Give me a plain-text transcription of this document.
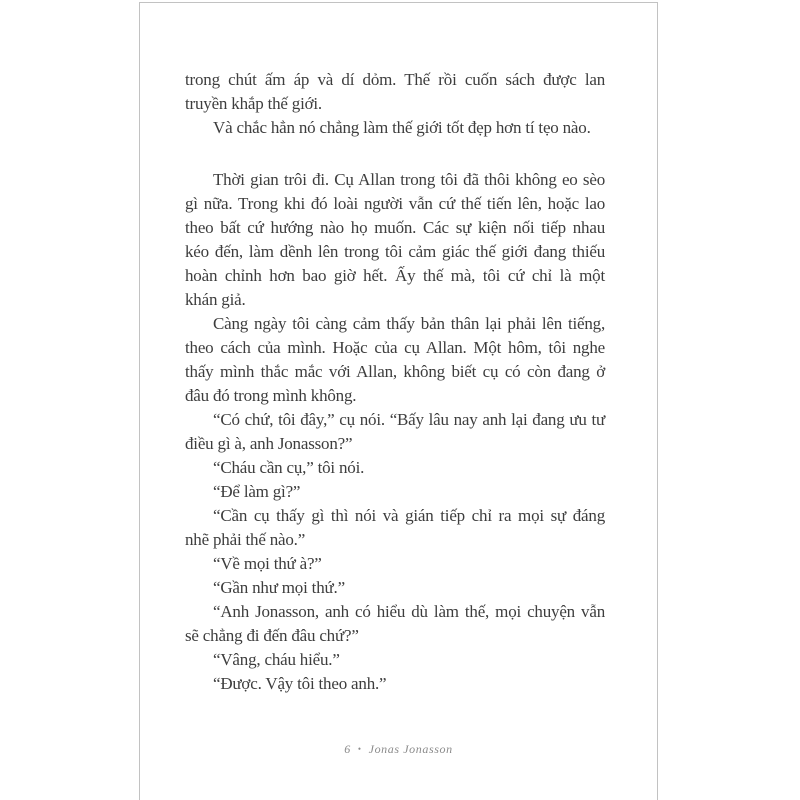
trong chút ấm áp và dí dỏm. Thế rồi cuốn sách được lan
truyền khắp thế giới.
Và chắc hẳn nó chẳng làm thế giới tốt đẹp hơn tí tẹo nào.
Thời gian trôi đi. Cụ Allan trong tôi đã thôi không eo sèo
gì nữa. Trong khi đó loài người vẫn cứ thế tiến lên, hoặc lao
theo bất cứ hướng nào họ muốn. Các sự kiện nối tiếp nhau
kéo đến, làm dềnh lên trong tôi cảm giác thế giới đang thiếu
hoàn chỉnh hơn bao giờ hết. Ấy thế mà, tôi cứ chỉ là một
khán giả.
Càng ngày tôi càng cảm thấy bản thân lại phải lên tiếng,
theo cách của mình. Hoặc của cụ Allan. Một hôm, tôi nghe
thấy mình thắc mắc với Allan, không biết cụ có còn đang ở
đâu đó trong mình không.
“Có chứ, tôi đây,” cụ nói. “Bấy lâu nay anh lại đang ưu tư
điều gì à, anh Jonasson?”
“Cháu cần cụ,” tôi nói.
“Để làm gì?”
“Cần cụ thấy gì thì nói và gián tiếp chỉ ra mọi sự đáng
nhẽ phải thế nào.”
“Về mọi thứ à?”
“Gần như mọi thứ.”
“Anh Jonasson, anh có hiểu dù làm thế, mọi chuyện vẫn
sẽ chẳng đi đến đâu chứ?”
“Vâng, cháu hiểu.”
“Được. Vậy tôi theo anh.”
6 • Jonas Jonasson
